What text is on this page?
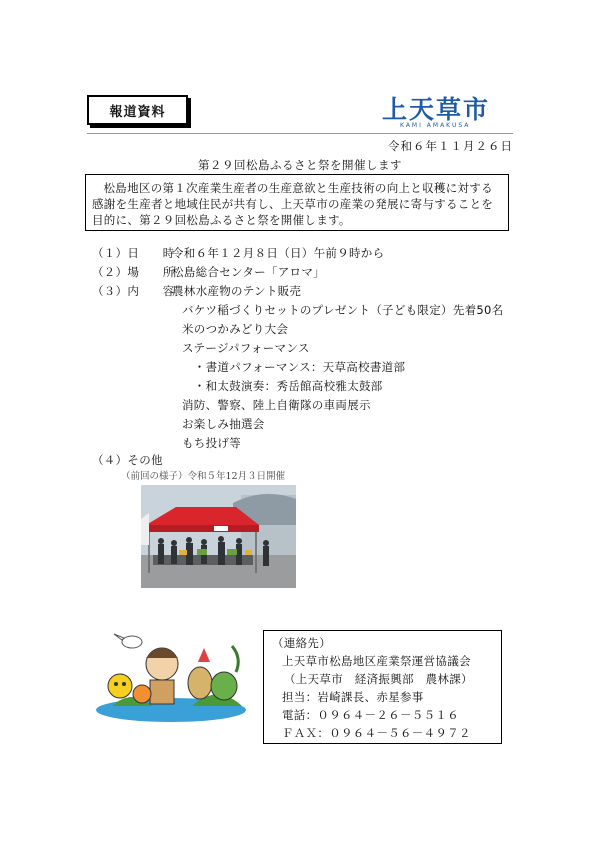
報道資料	上天草市
KAMI AMAKUSA
令和６年１１月２６日
第２９回松島ふるさと祭を開催します
松島地区の第１次産業生産者の生産意欲と生産技術の向上と収穫に対する感謝を生産者と地域住民が共有し、上天草市の産業の発展に寄与することを目的に、第２９回松島ふるさと祭を開催します。
（１）日　　時令和６年１２月８日（日）午前９時から
（２）場　　所松島総合センター「アロマ」
（３）内　　容
農林水産物のテント販売
バケツ稲づくりセットのプレゼント（子ども限定）先着50名
米のつかみどり大会
ステージパフォーマンス
　・書道パフォーマンス：天草高校書道部
　・和太鼓演奏：秀岳館高校雅太鼓部
消防、警察、陸上自衛隊の車両展示
お楽しみ抽選会
もち投げ等
（４）その他
（前回の様子）令和５年12月３日開催
（連絡先）
上天草市松島地区産業祭運営協議会
（上天草市　経済振興部　農林課）
担当：岩崎課長、赤星参事
電話：０９６４－２６－５５１６
ＦＡＸ：０９６４－５６－４９７２
